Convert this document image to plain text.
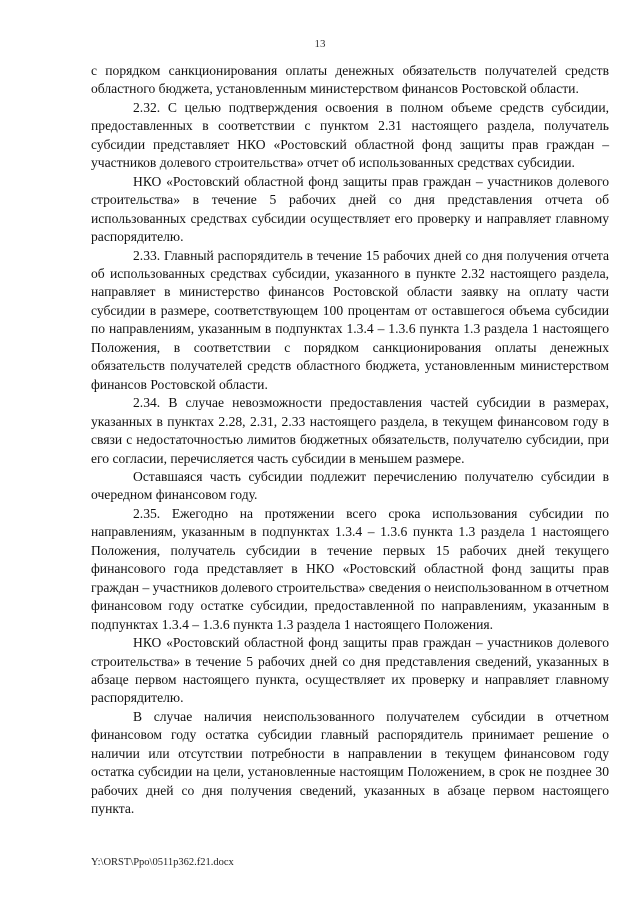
13

с порядком санкционирования оплаты денежных обязательств получателей средств областного бюджета, установленным министерством финансов Ростовской области.

2.32. С целью подтверждения освоения в полном объеме средств субсидии, предоставленных в соответствии с пунктом 2.31 настоящего раздела, получатель субсидии представляет НКО «Ростовский областной фонд защиты прав граждан – участников долевого строительства» отчет об использованных средствах субсидии.

НКО «Ростовский областной фонд защиты прав граждан – участников долевого строительства» в течение 5 рабочих дней со дня представления отчета об использованных средствах субсидии осуществляет его проверку и направляет главному распорядителю.

2.33. Главный распорядитель в течение 15 рабочих дней со дня получения отчета об использованных средствах субсидии, указанного в пункте 2.32 настоящего раздела, направляет в министерство финансов Ростовской области заявку на оплату части субсидии в размере, соответствующем 100 процентам от оставшегося объема субсидии по направлениям, указанным в подпунктах 1.3.4 – 1.3.6 пункта 1.3 раздела 1 настоящего Положения, в соответствии с порядком санкционирования оплаты денежных обязательств получателей средств областного бюджета, установленным министерством финансов Ростовской области.

2.34. В случае невозможности предоставления частей субсидии в размерах, указанных в пунктах 2.28, 2.31, 2.33 настоящего раздела, в текущем финансовом году в связи с недостаточностью лимитов бюджетных обязательств, получателю субсидии, при его согласии, перечисляется часть субсидии в меньшем размере.

Оставшаяся часть субсидии подлежит перечислению получателю субсидии в очередном финансовом году.

2.35. Ежегодно на протяжении всего срока использования субсидии по направлениям, указанным в подпунктах 1.3.4 – 1.3.6 пункта 1.3 раздела 1 настоящего Положения, получатель субсидии в течение первых 15 рабочих дней текущего финансового года представляет в НКО «Ростовский областной фонд защиты прав граждан – участников долевого строительства» сведения о неиспользованном в отчетном финансовом году остатке субсидии, предоставленной по направлениям, указанным в подпунктах 1.3.4 – 1.3.6 пункта 1.3 раздела 1 настоящего Положения.

НКО «Ростовский областной фонд защиты прав граждан – участников долевого строительства» в течение 5 рабочих дней со дня представления сведений, указанных в абзаце первом настоящего пункта, осуществляет их проверку и направляет главному распорядителю.

В случае наличия неиспользованного получателем субсидии в отчетном финансовом году остатка субсидии главный распорядитель принимает решение о наличии или отсутствии потребности в направлении в текущем финансовом году остатка субсидии на цели, установленные настоящим Положением, в срок не позднее 30 рабочих дней со дня получения сведений, указанных в абзаце первом настоящего пункта.

Y:\ORST\Ppo\0511p362.f21.docx
